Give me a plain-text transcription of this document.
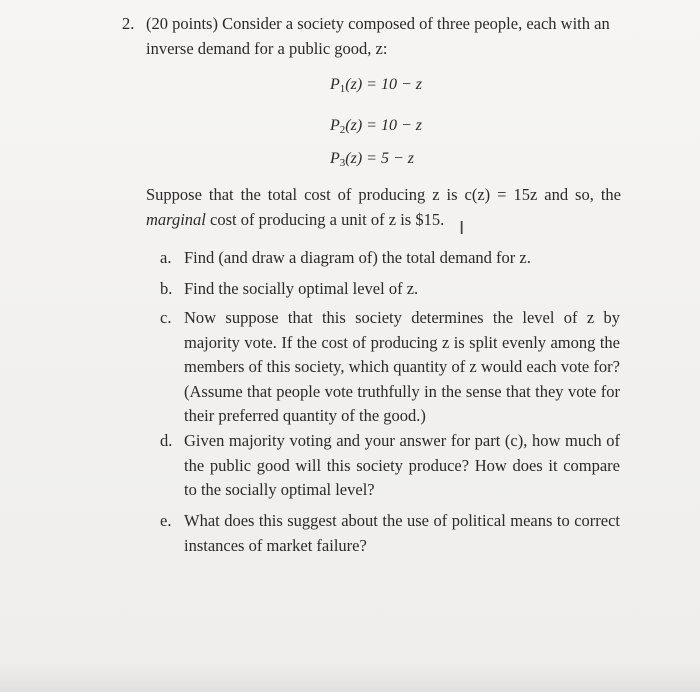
2. (20 points) Consider a society composed of three people, each with an inverse demand for a public good, z:
$P_1(z) = 10 - z$
$P_2(z) = 10 - z$
$P_3(z) = 5 - z$
Suppose that the total cost of producing z is c(z) = 15z and so, the marginal cost of producing a unit of z is $15. I
a. Find (and draw a diagram of) the total demand for z.
b. Find the socially optimal level of z.
c. Now suppose that this society determines the level of z by majority vote. If the cost of producing z is split evenly among the members of this society, which quantity of z would each vote for? (Assume that people vote truthfully in the sense that they vote for their preferred quantity of the good.)
d. Given majority voting and your answer for part (c), how much of the public good will this society produce? How does it compare to the socially optimal level?
e. What does this suggest about the use of political means to correct instances of market failure?
